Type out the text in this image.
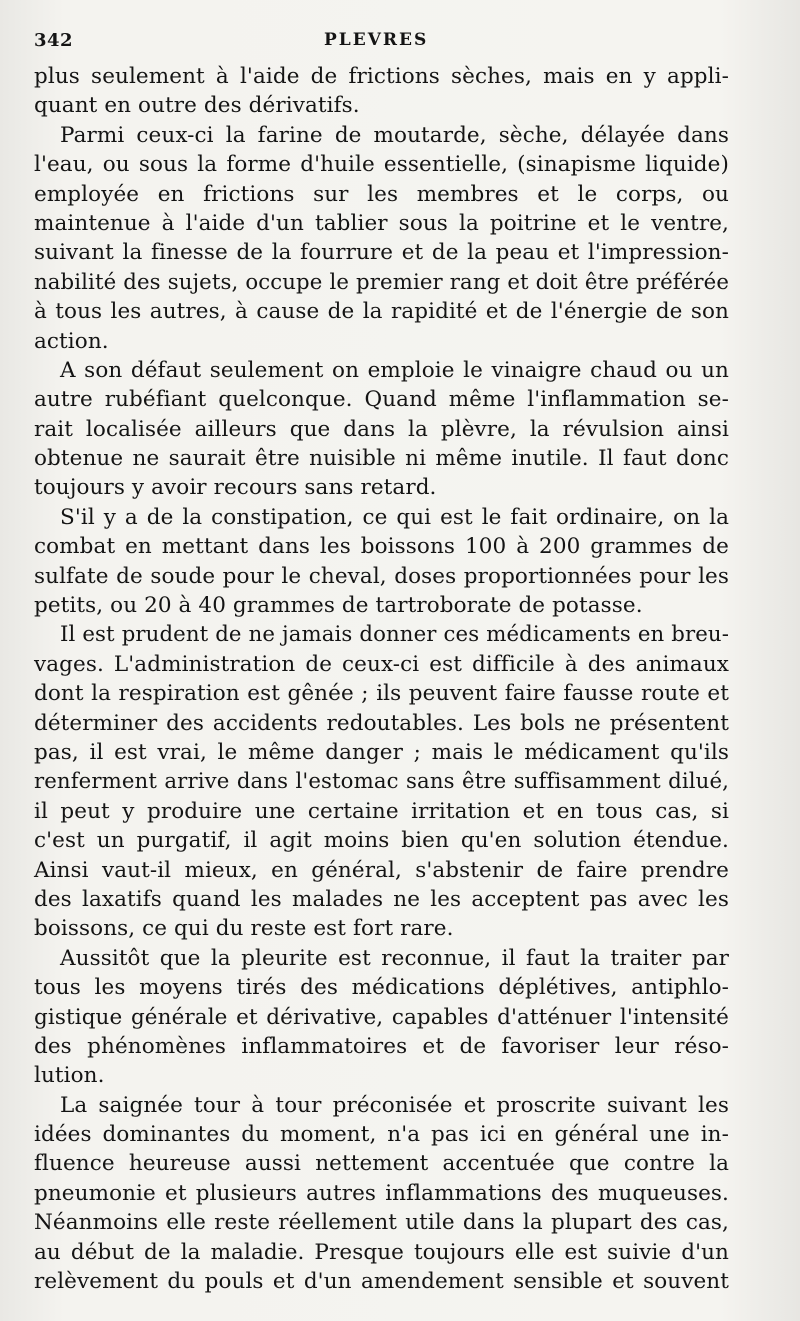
342	PLEVRES
plus seulement à l'aide de frictions sèches, mais en y appli-
quant en outre des dérivatifs.
Parmi ceux-ci la farine de moutarde, sèche, délayée dans
l'eau, ou sous la forme d'huile essentielle, (sinapisme liquide)
employée en frictions sur les membres et le corps, ou
maintenue à l'aide d'un tablier sous la poitrine et le ventre,
suivant la finesse de la fourrure et de la peau et l'impression-
nabilité des sujets, occupe le premier rang et doit être préférée
à tous les autres, à cause de la rapidité et de l'énergie de son
action.
A son défaut seulement on emploie le vinaigre chaud ou un
autre rubéfiant quelconque. Quand même l'inflammation se-
rait localisée ailleurs que dans la plèvre, la révulsion ainsi
obtenue ne saurait être nuisible ni même inutile. Il faut donc
toujours y avoir recours sans retard.
S'il y a de la constipation, ce qui est le fait ordinaire, on la
combat en mettant dans les boissons 100 à 200 grammes de
sulfate de soude pour le cheval, doses proportionnées pour les
petits, ou 20 à 40 grammes de tartroborate de potasse.
Il est prudent de ne jamais donner ces médicaments en breu-
vages. L'administration de ceux-ci est difficile à des animaux
dont la respiration est gênée ; ils peuvent faire fausse route et
déterminer des accidents redoutables. Les bols ne présentent
pas, il est vrai, le même danger ; mais le médicament qu'ils
renferment arrive dans l'estomac sans être suffisamment dilué,
il peut y produire une certaine irritation et en tous cas, si
c'est un purgatif, il agit moins bien qu'en solution étendue.
Ainsi vaut-il mieux, en général, s'abstenir de faire prendre
des laxatifs quand les malades ne les acceptent pas avec les
boissons, ce qui du reste est fort rare.
Aussitôt que la pleurite est reconnue, il faut la traiter par
tous les moyens tirés des médications déplétives, antiphlo-
gistique générale et dérivative, capables d'atténuer l'intensité
des phénomènes inflammatoires et de favoriser leur réso-
lution.
La saignée tour à tour préconisée et proscrite suivant les
idées dominantes du moment, n'a pas ici en général une in-
fluence heureuse aussi nettement accentuée que contre la
pneumonie et plusieurs autres inflammations des muqueuses.
Néanmoins elle reste réellement utile dans la plupart des cas,
au début de la maladie. Presque toujours elle est suivie d'un
relèvement du pouls et d'un amendement sensible et souvent
